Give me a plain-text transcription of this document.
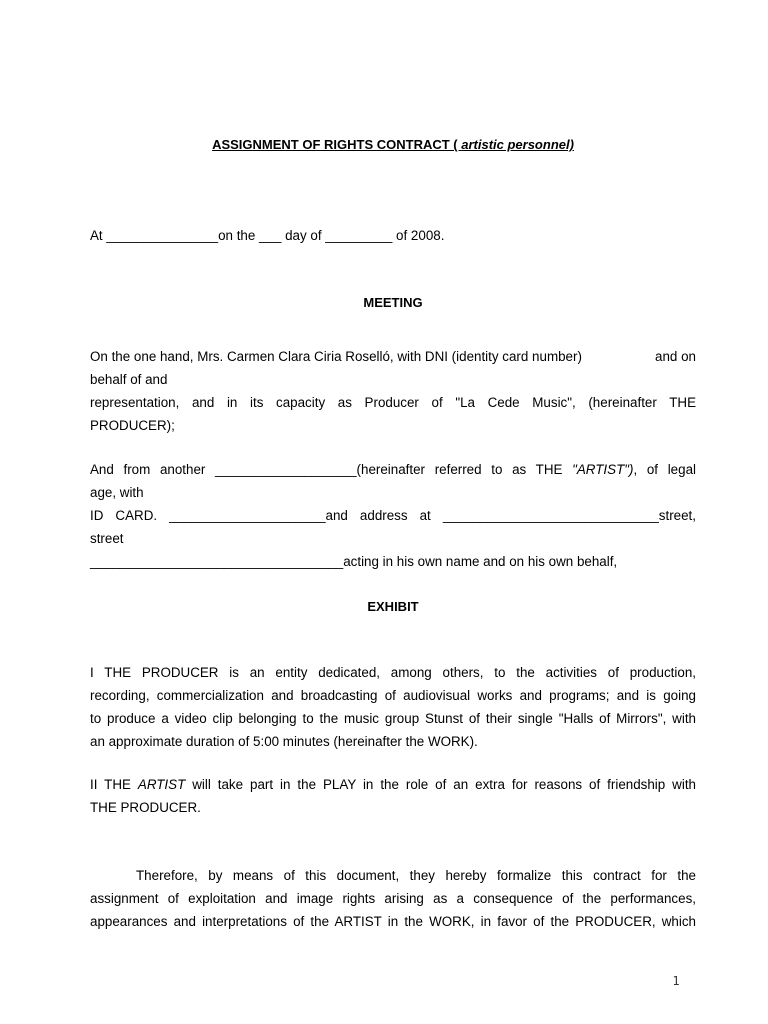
ASSIGNMENT OF RIGHTS CONTRACT ( artistic personnel)
At _______________on the ___ day of _________ of 2008.
MEETING
On the one hand, Mrs. Carmen Clara Ciria Roselló, with DNI (identity card number)	and on
behalf of and
representation, and in its capacity as Producer of "La Cede Music", (hereinafter THE
PRODUCER);
And from another ___________________(hereinafter referred to as THE "ARTIST"), of legal
age, with
ID CARD. _____________________and address at _____________________________street,
street
__________________________________acting in his own name and on his own behalf,
EXHIBIT
I THE PRODUCER is an entity dedicated, among others, to the activities of production,
recording, commercialization and broadcasting of audiovisual works and programs; and is going
to produce a video clip belonging to the music group Stunst of their single "Halls of Mirrors", with
an approximate duration of 5:00 minutes (hereinafter the WORK).
II THE ARTIST will take part in the PLAY in the role of an extra for reasons of friendship with
THE PRODUCER.
Therefore, by means of this document, they hereby formalize this contract for the
assignment of exploitation and image rights arising as a consequence of the performances,
appearances and interpretations of the ARTIST in the WORK, in favor of the PRODUCER, which
1
